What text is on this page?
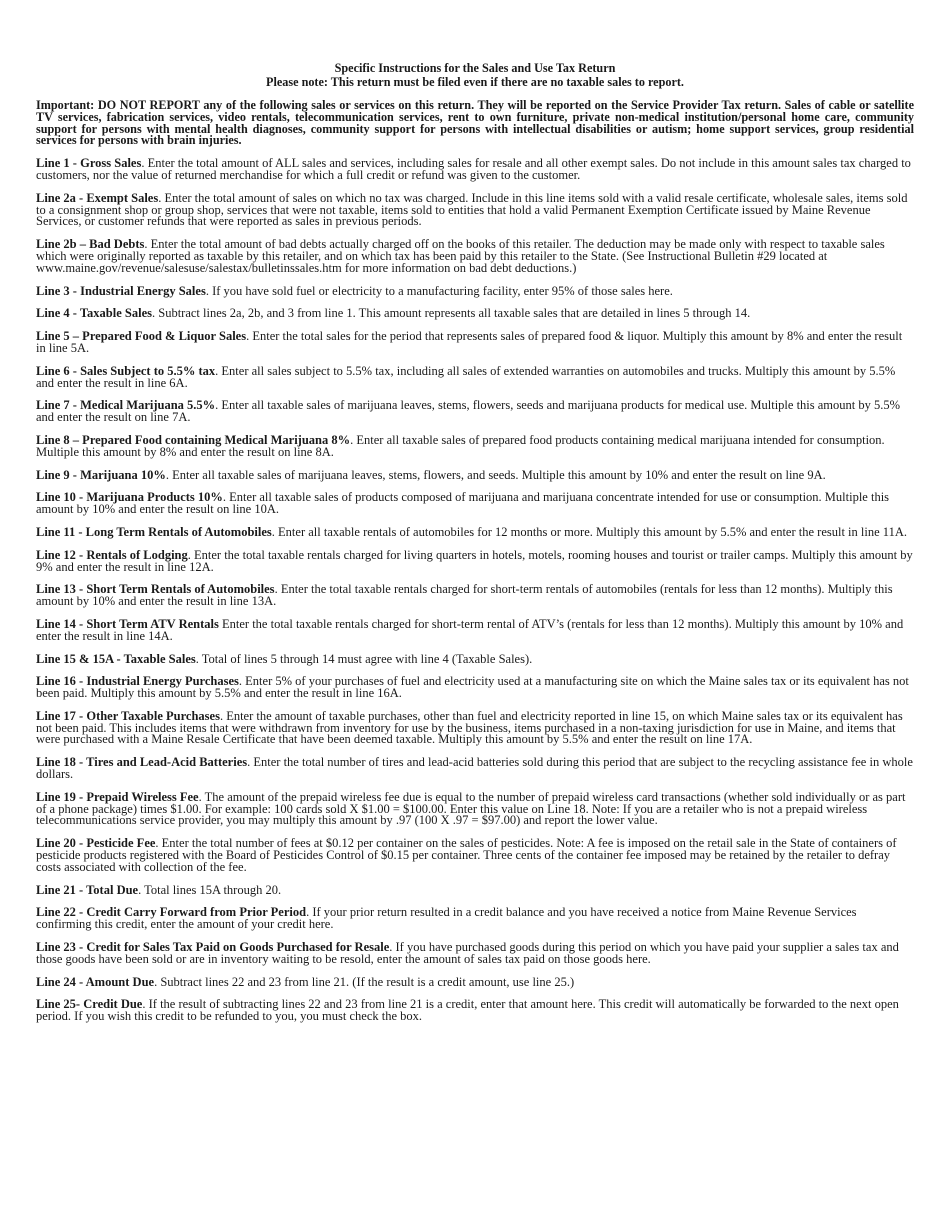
Specific Instructions for the Sales and Use Tax Return
Please note: This return must be filed even if there are no taxable sales to report.
Important: DO NOT REPORT any of the following sales or services on this return. They will be reported on the Service Provider Tax return. Sales of cable or satellite TV services, fabrication services, video rentals, telecommunication services, rent to own furniture, private non-medical institution/personal home care, community support for persons with mental health diagnoses, community support for persons with intellectual disabilities or autism; home support services, group residential services for persons with brain injuries.
Line 1 - Gross Sales. Enter the total amount of ALL sales and services, including sales for resale and all other exempt sales. Do not include in this amount sales tax charged to customers, nor the value of returned merchandise for which a full credit or refund was given to the customer.
Line 2a - Exempt Sales. Enter the total amount of sales on which no tax was charged. Include in this line items sold with a valid resale certificate, wholesale sales, items sold to a consignment shop or group shop, services that were not taxable, items sold to entities that hold a valid Permanent Exemption Certificate issued by Maine Revenue Services, or customer refunds that were reported as sales in previous periods.
Line 2b – Bad Debts. Enter the total amount of bad debts actually charged off on the books of this retailer. The deduction may be made only with respect to taxable sales which were originally reported as taxable by this retailer, and on which tax has been paid by this retailer to the State. (See Instructional Bulletin #29 located at www.maine.gov/revenue/salesuse/salestax/bulletinssales.htm for more information on bad debt deductions.)
Line 3 - Industrial Energy Sales. If you have sold fuel or electricity to a manufacturing facility, enter 95% of those sales here.
Line 4 - Taxable Sales. Subtract lines 2a, 2b, and 3 from line 1. This amount represents all taxable sales that are detailed in lines 5 through 14.
Line 5 – Prepared Food & Liquor Sales. Enter the total sales for the period that represents sales of prepared food & liquor. Multiply this amount by 8% and enter the result in line 5A.
Line 6 - Sales Subject to 5.5% tax. Enter all sales subject to 5.5% tax, including all sales of extended warranties on automobiles and trucks. Multiply this amount by 5.5% and enter the result in line 6A.
Line 7 - Medical Marijuana 5.5%. Enter all taxable sales of marijuana leaves, stems, flowers, seeds and marijuana products for medical use. Multiple this amount by 5.5% and enter the result on line 7A.
Line 8 – Prepared Food containing Medical Marijuana 8%. Enter all taxable sales of prepared food products containing medical marijuana intended for consumption. Multiple this amount by 8% and enter the result on line 8A.
Line 9 - Marijuana 10%. Enter all taxable sales of marijuana leaves, stems, flowers, and seeds. Multiple this amount by 10% and enter the result on line 9A.
Line 10 - Marijuana Products 10%. Enter all taxable sales of products composed of marijuana and marijuana concentrate intended for use or consumption. Multiple this amount by 10% and enter the result on line 10A.
Line 11 - Long Term Rentals of Automobiles. Enter all taxable rentals of automobiles for 12 months or more. Multiply this amount by 5.5% and enter the result in line 11A.
Line 12 - Rentals of Lodging. Enter the total taxable rentals charged for living quarters in hotels, motels, rooming houses and tourist or trailer camps. Multiply this amount by 9% and enter the result in line 12A.
Line 13 - Short Term Rentals of Automobiles. Enter the total taxable rentals charged for short-term rentals of automobiles (rentals for less than 12 months). Multiply this amount by 10% and enter the result in line 13A.
Line 14 - Short Term ATV Rentals Enter the total taxable rentals charged for short-term rental of ATV’s (rentals for less than 12 months). Multiply this amount by 10% and enter the result in line 14A.
Line 15 & 15A - Taxable Sales. Total of lines 5 through 14 must agree with line 4 (Taxable Sales).
Line 16 - Industrial Energy Purchases. Enter 5% of your purchases of fuel and electricity used at a manufacturing site on which the Maine sales tax or its equivalent has not been paid. Multiply this amount by 5.5% and enter the result in line 16A.
Line 17 - Other Taxable Purchases. Enter the amount of taxable purchases, other than fuel and electricity reported in line 15, on which Maine sales tax or its equivalent has not been paid. This includes items that were withdrawn from inventory for use by the business, items purchased in a non-taxing jurisdiction for use in Maine, and items that were purchased with a Maine Resale Certificate that have been deemed taxable. Multiply this amount by 5.5% and enter the result on line 17A.
Line 18 - Tires and Lead-Acid Batteries. Enter the total number of tires and lead-acid batteries sold during this period that are subject to the recycling assistance fee in whole dollars.
Line 19 - Prepaid Wireless Fee. The amount of the prepaid wireless fee due is equal to the number of prepaid wireless card transactions (whether sold individually or as part of a phone package) times $1.00. For example: 100 cards sold X $1.00 = $100.00. Enter this value on Line 18. Note: If you are a retailer who is not a prepaid wireless telecommunications service provider, you may multiply this amount by .97 (100 X .97 = $97.00) and report the lower value.
Line 20 - Pesticide Fee. Enter the total number of fees at $0.12 per container on the sales of pesticides. Note: A fee is imposed on the retail sale in the State of containers of pesticide products registered with the Board of Pesticides Control of $0.15 per container. Three cents of the container fee imposed may be retained by the retailer to defray costs associated with collection of the fee.
Line 21 - Total Due. Total lines 15A through 20.
Line 22 - Credit Carry Forward from Prior Period. If your prior return resulted in a credit balance and you have received a notice from Maine Revenue Services confirming this credit, enter the amount of your credit here.
Line 23 - Credit for Sales Tax Paid on Goods Purchased for Resale. If you have purchased goods during this period on which you have paid your supplier a sales tax and those goods have been sold or are in inventory waiting to be resold, enter the amount of sales tax paid on those goods here.
Line 24 - Amount Due. Subtract lines 22 and 23 from line 21. (If the result is a credit amount, use line 25.)
Line 25- Credit Due. If the result of subtracting lines 22 and 23 from line 21 is a credit, enter that amount here. This credit will automatically be forwarded to the next open period. If you wish this credit to be refunded to you, you must check the box.
